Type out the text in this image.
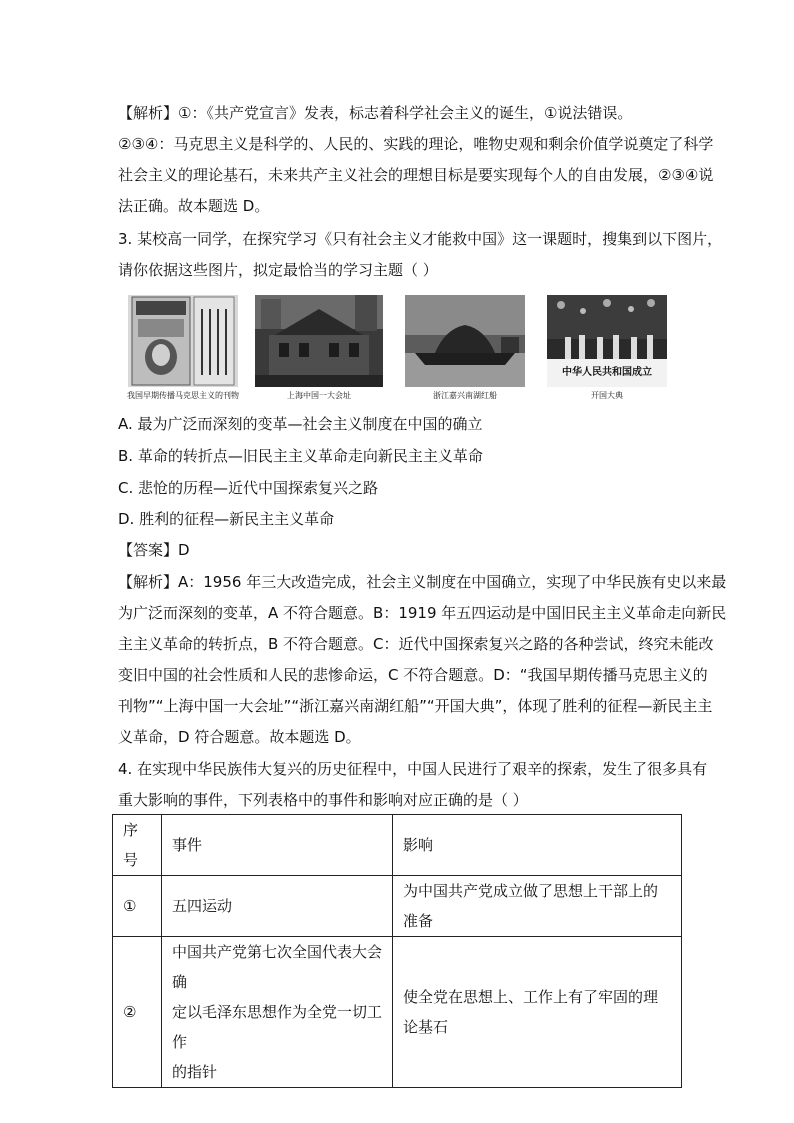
【解析】①：《共产党宣言》发表，标志着科学社会主义的诞生，①说法错误。
②③④：马克思主义是科学的、人民的、实践的理论，唯物史观和剩余价值学说奠定了科学
社会主义的理论基石，未来共产主义社会的理想目标是要实现每个人的自由发展，②③④说
法正确。故本题选 D。
3. 某校高一同学，在探究学习《只有社会主义才能救中国》这一课题时，搜集到以下图片，
请你依据这些图片，拟定最恰当的学习主题（ ）
中华人民共和国成立
我国早期传播马克思主义的刊物	上海中国一大会址	浙江嘉兴南湖红船	开国大典
A. 最为广泛而深刻的变革—社会主义制度在中国的确立
B. 革命的转折点—旧民主主义革命走向新民主主义革命
C. 悲怆的历程—近代中国探索复兴之路
D. 胜利的征程—新民主主义革命
【答案】D
【解析】A：1956 年三大改造完成，社会主义制度在中国确立，实现了中华民族有史以来最
为广泛而深刻的变革，A 不符合题意。B：1919 年五四运动是中国旧民主主义革命走向新民
主主义革命的转折点，B 不符合题意。C：近代中国探索复兴之路的各种尝试，终究未能改
变旧中国的社会性质和人民的悲惨命运，C 不符合题意。D：“我国早期传播马克思主义的
刊物”“上海中国一大会址”“浙江嘉兴南湖红船”“开国大典”，体现了胜利的征程—新民主主
义革命，D 符合题意。故本题选 D。
4. 在实现中华民族伟大复兴的历史征程中，中国人民进行了艰辛的探索，发生了很多具有
重大影响的事件，下列表格中的事件和影响对应正确的是（ ）
序号	事件	影响
①	五四运动	为中国共产党成立做了思想上干部上的准备
②	中国共产党第七次全国代表大会确
定以毛泽东思想作为全党一切工作
的指针	使全党在思想上、工作上有了牢固的理论基石
